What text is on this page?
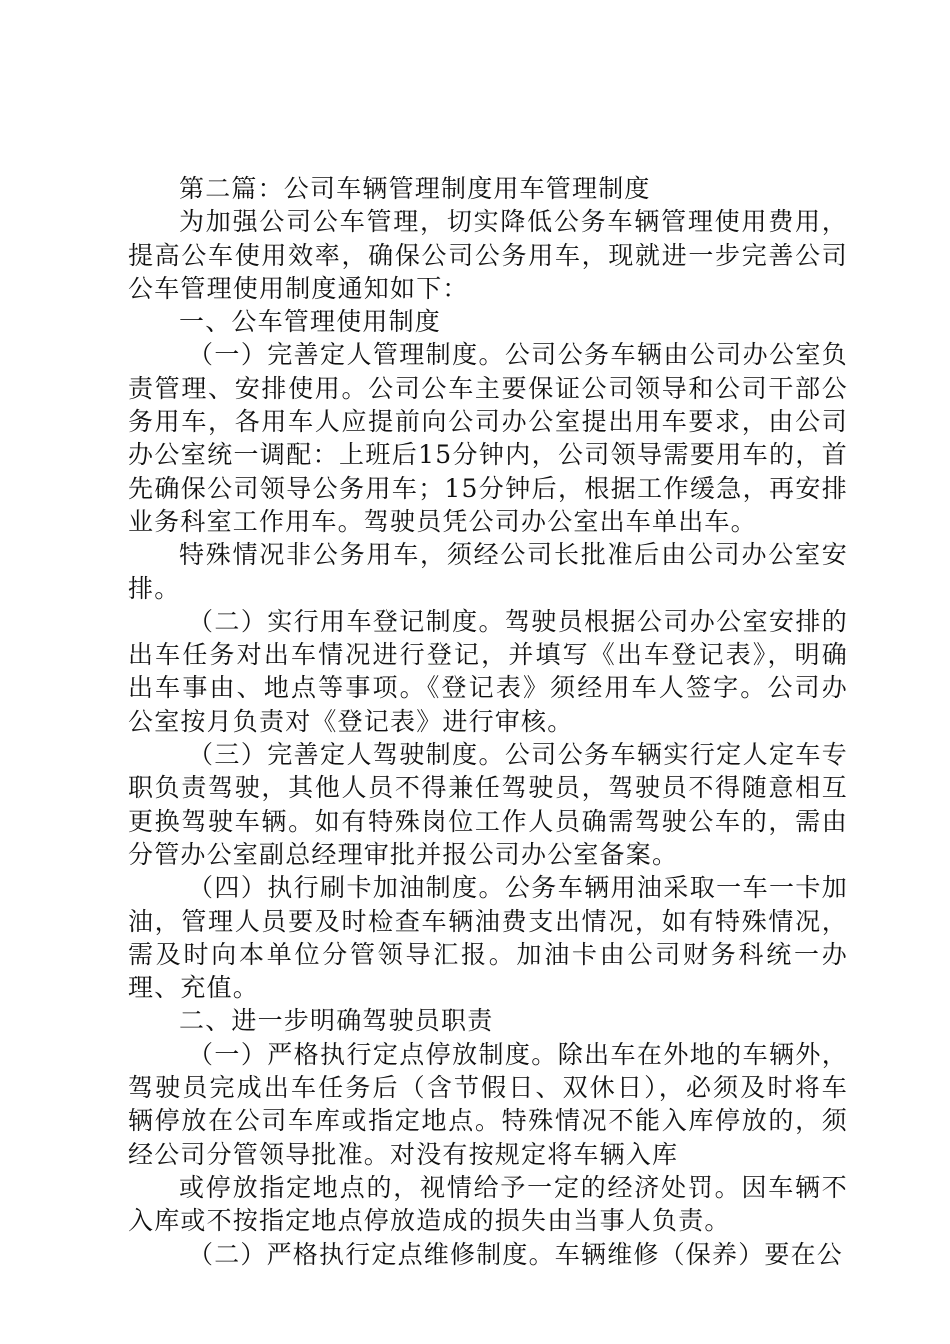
第二篇：公司车辆管理制度用车管理制度

为加强公司公车管理，切实降低公务车辆管理使用费用，提高公车使用效率，确保公司公务用车，现就进一步完善公司公车管理使用制度通知如下：

一、公车管理使用制度

（一）完善定人管理制度。公司公务车辆由公司办公室负责管理、安排使用。公司公车主要保证公司领导和公司干部公务用车，各用车人应提前向公司办公室提出用车要求，由公司办公室统一调配：上班后15分钟内，公司领导需要用车的，首先确保公司领导公务用车；15分钟后，根据工作缓急，再安排业务科室工作用车。驾驶员凭公司办公室出车单出车。

特殊情况非公务用车，须经公司长批准后由公司办公室安排。

（二）实行用车登记制度。驾驶员根据公司办公室安排的出车任务对出车情况进行登记，并填写《出车登记表》，明确出车事由、地点等事项。《登记表》须经用车人签字。公司办公室按月负责对《登记表》进行审核。

（三）完善定人驾驶制度。公司公务车辆实行定人定车专职负责驾驶，其他人员不得兼任驾驶员，驾驶员不得随意相互更换驾驶车辆。如有特殊岗位工作人员确需驾驶公车的，需由分管办公室副总经理审批并报公司办公室备案。

（四）执行刷卡加油制度。公务车辆用油采取一车一卡加油，管理人员要及时检查车辆油费支出情况，如有特殊情况，需及时向本单位分管领导汇报。加油卡由公司财务科统一办理、充值。

二、进一步明确驾驶员职责

（一）严格执行定点停放制度。除出车在外地的车辆外，驾驶员完成出车任务后（含节假日、双休日），必须及时将车辆停放在公司车库或指定地点。特殊情况不能入库停放的，须经公司分管领导批准。对没有按规定将车辆入库

或停放指定地点的，视情给予一定的经济处罚。因车辆不入库或不按指定地点停放造成的损失由当事人负责。

（二）严格执行定点维修制度。车辆维修（保养）要在公
